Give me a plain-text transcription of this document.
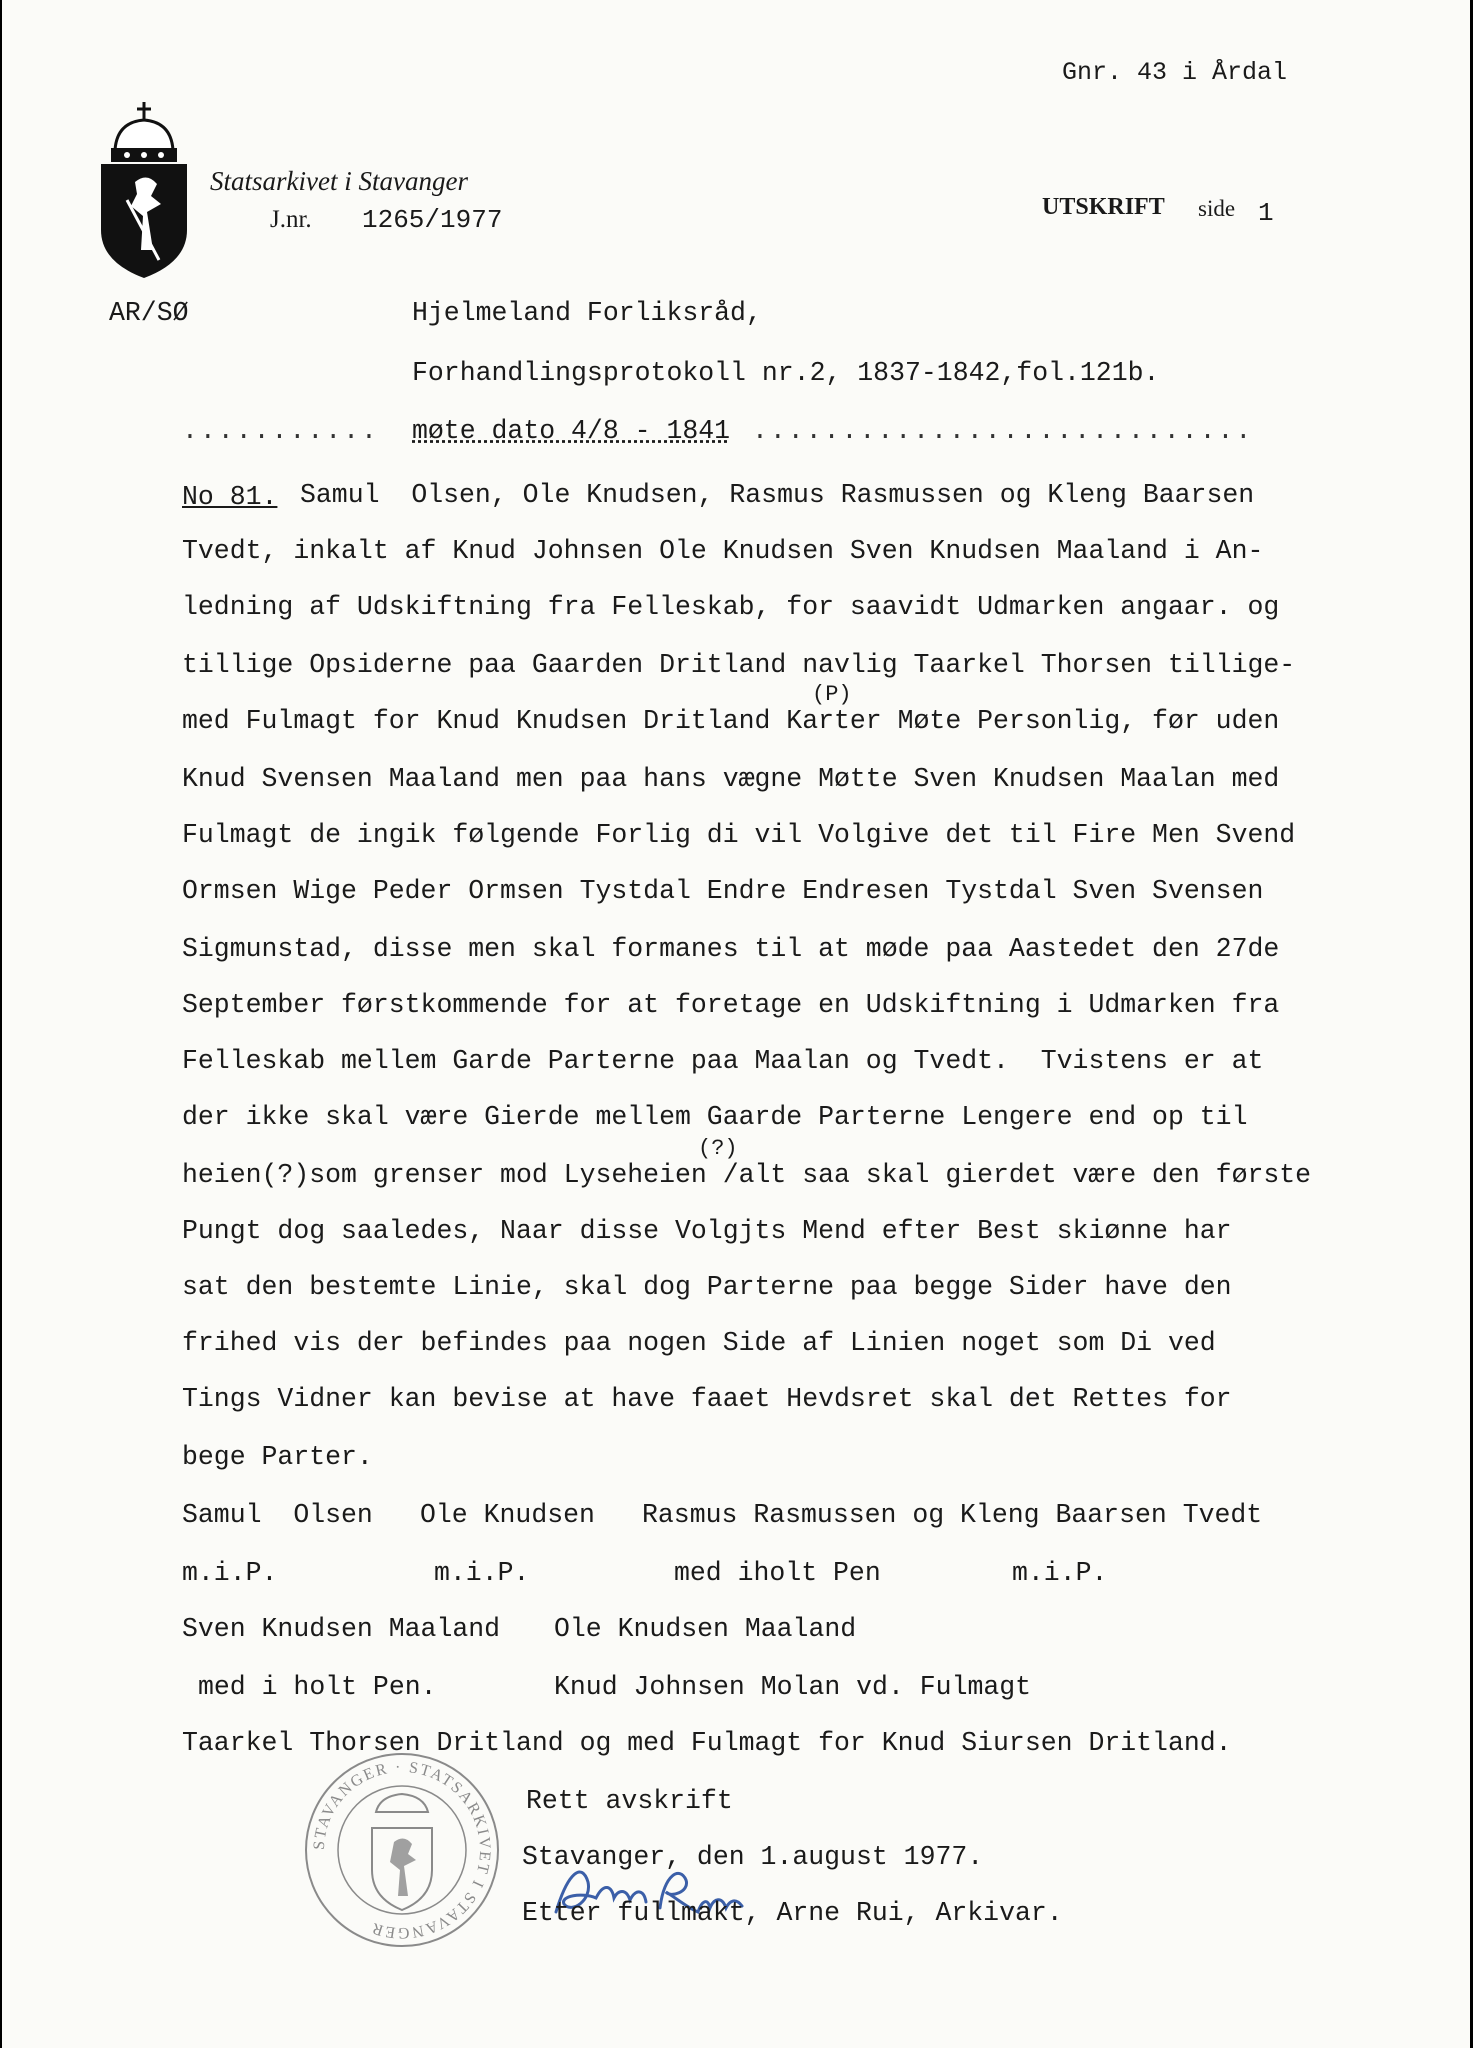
Gnr. 43 i Årdal
Statsarkivet i Stavanger
J.nr. 1265/1977	UTSKRIFT side 1
AR/SØ	Hjelmeland Forliksråd,
Forhandlingsprotokoll nr.2, 1837-1842,fol.121b.
........... møte dato 4/8 - 1841 ............................
No 81. Samul  Olsen, Ole Knudsen, Rasmus Rasmussen og Kleng Baarsen
Tvedt, inkalt af Knud Johnsen Ole Knudsen Sven Knudsen Maaland i An-
ledning af Udskiftning fra Felleskab, for saavidt Udmarken angaar. og
tillige Opsiderne paa Gaarden Dritland navlig Taarkel Thorsen tillige-
(P)
med Fulmagt for Knud Knudsen Dritland Karter Møte Personlig, før uden
Knud Svensen Maaland men paa hans vægne Møtte Sven Knudsen Maalan med
Fulmagt de ingik følgende Forlig di vil Volgive det til Fire Men Svend
Ormsen Wige Peder Ormsen Tystdal Endre Endresen Tystdal Sven Svensen
Sigmunstad, disse men skal formanes til at møde paa Aastedet den 27de
September førstkommende for at foretage en Udskiftning i Udmarken fra
Felleskab mellem Garde Parterne paa Maalan og Tvedt.  Tvistens er at
der ikke skal være Gierde mellem Gaarde Parterne Lengere end op til
(?)
heien(?)som grenser mod Lyseheien /alt saa skal gierdet være den første
Pungt dog saaledes, Naar disse Volgjts Mend efter Best skiønne har
sat den bestemte Linie, skal dog Parterne paa begge Sider have den
frihed vis der befindes paa nogen Side af Linien noget som Di ved
Tings Vidner kan bevise at have faaet Hevdsret skal det Rettes for
bege Parter.
Samul  Olsen Ole Knudsen Rasmus Rasmussen og Kleng Baarsen Tvedt
m.i.P.	m.i.P.	med iholt Pen	m.i.P.
Sven Knudsen Maaland Ole Knudsen Maaland
med i holt Pen.	Knud Johnsen Molan vd. Fulmagt
Taarkel Thorsen Dritland og med Fulmagt for Knud Siursen Dritland.
STAVANGER · STATSARKIVET I STAVANGER
Rett avskrift
Stavanger, den 1.august 1977.
Etter fullmakt, Arne Rui, Arkivar.
